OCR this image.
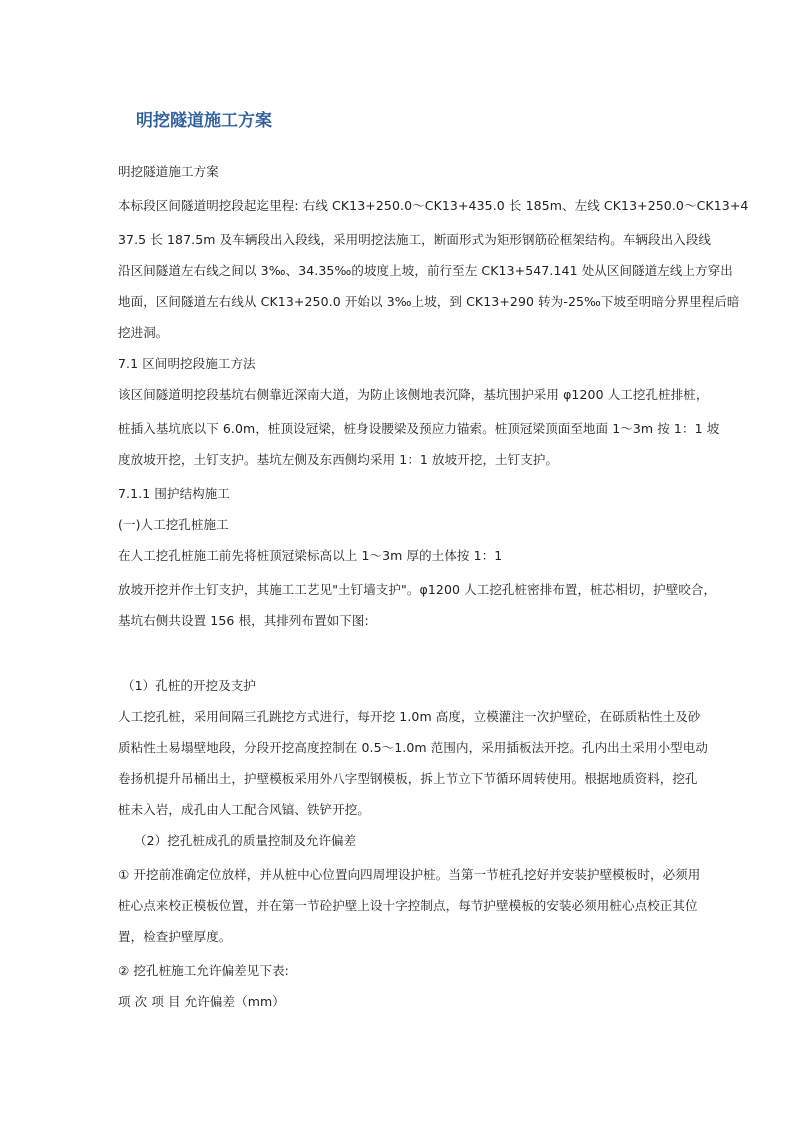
明挖隧道施工方案
明挖隧道施工方案
本标段区间隧道明挖段起迄里程: 右线 CK13+250.0～CK13+435.0 长 185m、左线 CK13+250.0～CK13+4
37.5 长 187.5m 及车辆段出入段线，采用明挖法施工，断面形式为矩形钢筋砼框架结构。车辆段出入段线
沿区间隧道左右线之间以 3‰、34.35‰的坡度上坡，前行至左 CK13+547.141 处从区间隧道左线上方穿出
地面，区间隧道左右线从 CK13+250.0 开始以 3‰上坡，到 CK13+290 转为-25‰下坡至明暗分界里程后暗
挖进洞。
7.1 区间明挖段施工方法
该区间隧道明挖段基坑右侧靠近深南大道，为防止该侧地表沉降，基坑围护采用 φ1200 人工挖孔桩排桩，
桩插入基坑底以下 6.0m，桩顶设冠梁，桩身设腰梁及预应力锚索。桩顶冠梁顶面至地面 1～3m 按 1：1 坡
度放坡开挖，土钉支护。基坑左侧及东西侧均采用 1：1 放坡开挖，土钉支护。
7.1.1 围护结构施工
(一)人工挖孔桩施工
在人工挖孔桩施工前先将桩顶冠梁标高以上 1～3m 厚的土体按 1：1
放坡开挖并作土钉支护，其施工工艺见"土钉墙支护"。φ1200 人工挖孔桩密排布置，桩芯相切，护壁咬合，
基坑右侧共设置 156 根，其排列布置如下图:
（1）孔桩的开挖及支护
人工挖孔桩，采用间隔三孔跳挖方式进行，每开挖 1.0m 高度，立模灌注一次护壁砼，在砾质粘性土及砂
质粘性土易塌壁地段，分段开挖高度控制在 0.5～1.0m 范围内，采用插板法开挖。孔内出土采用小型电动
卷扬机提升吊桶出土，护壁模板采用外八字型钢模板，拆上节立下节循环周转使用。根据地质资料，挖孔
桩未入岩，成孔由人工配合风镐、铁铲开挖。
（2）挖孔桩成孔的质量控制及允许偏差
① 开挖前准确定位放样，并从桩中心位置向四周埋设护桩。当第一节桩孔挖好并安装护壁模板时，必须用
桩心点来校正模板位置，并在第一节砼护壁上设十字控制点，每节护壁模板的安装必须用桩心点校正其位
置，检查护壁厚度。
② 挖孔桩施工允许偏差见下表:
项 次 项 目 允许偏差（mm）
